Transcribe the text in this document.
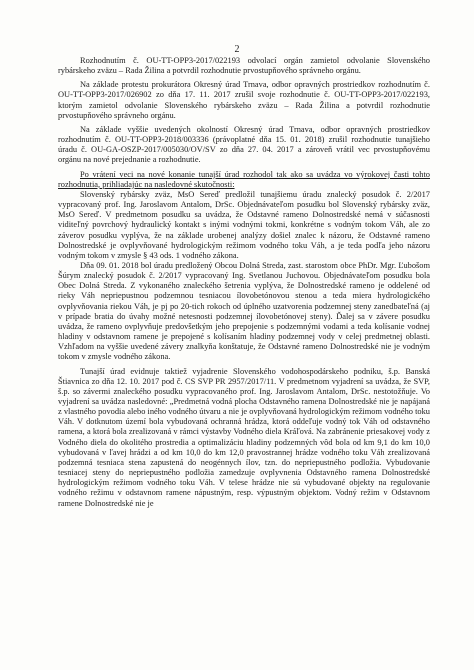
2

Rozhodnutím č. OU-TT-OPP3-2017/022193 odvolací orgán zamietol odvolanie Slovenského rybárskeho zväzu – Rada Žilina a potvrdil rozhodnutie prvostupňového správneho orgánu.

Na základe protestu prokurátora Okresný úrad Trnava, odbor opravných prostriedkov rozhodnutím č. OU-TT-OPP3-2017/026902 zo dňa 17. 11. 2017 zrušil svoje rozhodnutie č. OU-TT-OPP3-2017/022193, ktorým zamietol odvolanie Slovenského rybárskeho zväzu – Rada Žilina a potvrdil rozhodnutie prvostupňového správneho orgánu.

Na základe vyššie uvedených okolností Okresný úrad Trnava, odbor opravných prostriedkov rozhodnutím č. OU-TT-OPP3-2018/003336 (právoplatné dňa 15. 01. 2018) zrušil rozhodnutie tunajšieho úradu č. OU-GA-OSZP-2017/005030/OV/SV zo dňa 27. 04. 2017 a zároveň vrátil vec prvostupňovému orgánu na nové prejednanie a rozhodnutie.

Po vrátení veci na nové konanie tunajší úrad rozhodol tak ako sa uvádza vo výrokovej časti tohto rozhodnutia, prihliadajúc na nasledovné skutočnosti:

Slovenský rybársky zväz, MsO Sereď predložil tunajšiemu úradu znalecký posudok č. 2/2017 vypracovaný prof. Ing. Jaroslavom Antalom, DrSc. Objednávateľom posudku bol Slovenský rybársky zväz, MsO Sereď. V predmetnom posudku sa uvádza, že Odstavné rameno Dolnostredské nemá v súčasnosti viditeľný povrchový hydraulický kontakt s inými vodnými tokmi, konkrétne s vodným tokom Váh, ale zo záverov posudku vyplýva, že na základe urobenej analýzy došiel znalec k názoru, že Odstavné rameno Dolnostredské je ovplyvňované hydrologickým režimom vodného toku Váh, a je teda podľa jeho názoru vodným tokom v zmysle § 43 ods. 1 vodného zákona.

Dňa 09. 01. 2018 bol úradu predložený Obcou Dolná Streda, zast. starostom obce PhDr. Mgr. Ľubošom Šúrym znalecký posudok č. 2/2017 vypracovaný Ing. Svetlanou Juchovou. Objednávateľom posudku bola Obec Dolná Streda. Z vykonaného znaleckého šetrenia vyplýva, že Dolnostredské rameno je oddelené od rieky Váh nepriepustnou podzemnou tesniacou ílovobetónovou stenou a teda miera hydrologického ovplyvňovania riekou Váh, je pj po 20-tich rokoch od úplného uzatvorenia podzemnej steny zanedbateľná (aj v prípade bratia do úvahy možné netesnosti podzemnej ílovobetónovej steny). Ďalej sa v závere posudku uvádza, že rameno ovplyvňuje predovšetkým jeho prepojenie s podzemnými vodami a teda kolísanie vodnej hladiny v odstavnom ramene je prepojené s kolísaním hladiny podzemnej vody v celej predmetnej oblasti. Vzhľadom na vyššie uvedené závery znalkyňa konštatuje, že Odstavné rameno Dolnostredské nie je vodným tokom v zmysle vodného zákona.

Tunajší úrad evidnuje taktiež vyjadrenie Slovenského vodohospodárskeho podniku, š.p. Banská Štiavnica zo dňa 12. 10. 2017 pod č. CS SVP PR 2957/2017/11. V predmetnom vyjadrení sa uvádza, že SVP, š.p. so závermi znaleckého posudku vypracovaného prof. Ing. Jaroslavom Antalom, DrSc. nestotožňuje. Vo vyjadrení sa uvádza nasledovné: „Predmetná vodná plocha Odstavného ramena Dolnostredské nie je napájaná z vlastného povodia alebo iného vodného útvaru a nie je ovplyvňovaná hydrologickým režimom vodného toku Váh. V dotknutom území bola vybudovaná ochranná hrádza, ktorá oddeľuje vodný tok Váh od odstavného ramena, a ktorá bola zrealizovaná v rámci výstavby Vodného diela Kráľová. Na zabránenie priesakovej vody z Vodného diela do okolitého prostredia a optimalizáciu hladiny podzemných vôd bola od km 9,1 do km 10,0 vybudovaná v ľavej hrádzi a od km 10,0 do km 12,0 pravostrannej hrádze vodného toku Váh zrealizovaná podzemná tesniaca stena zapustená do neogénnych ílov, tzn. do nepriepustného podložia. Vybudovanie tesniacej steny do nepriepustného podložia zamedzuje ovplyvnenia Odstavného ramena Dolnostredské hydrologickým režimom vodného toku Váh. V telese hrádze nie sú vybudované objekty na regulovanie vodného režimu v odstavnom ramene nápustným, resp. výpustným objektom. Vodný režim v Odstavnom ramene Dolnostredské nie je
